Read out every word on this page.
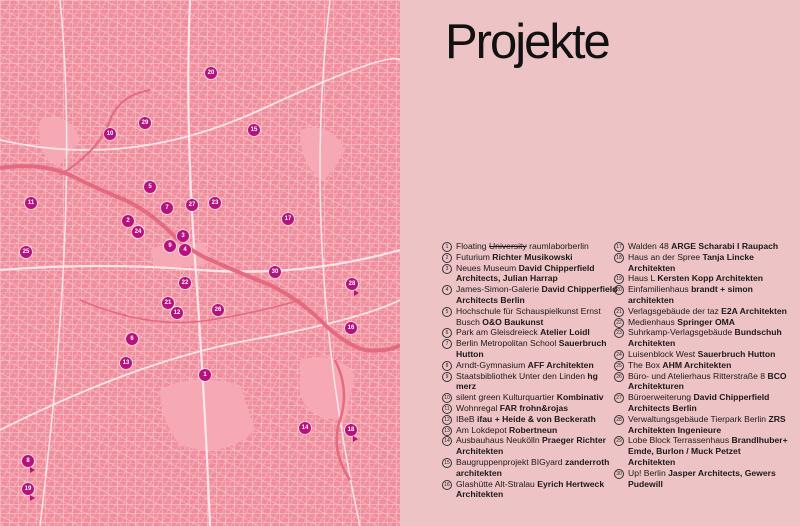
1
2
3
4
5
6
7
8
9
10
11
12
13
14
15
16
17
18
19
20
21
22
23
24
25
26
27
28
29
30
Projekte
1 Floating University raumlaborberlin
2 Futurium Richter Musikowski
3 Neues Museum David Chipperfield Architects, Julian Harrap
4 James-Simon-Galerie David Chipperfield Architects Berlin
5 Hochschule für Schauspielkunst Ernst Busch O&O Baukunst
6 Park am Gleisdreieck Atelier Loidl
7 Berlin Metropolitan School Sauerbruch Hutton
8 Arndt-Gymnasium AFF Architekten
9 Staatsbibliothek Unter den Linden hg merz
10 silent green Kulturquartier Kombinativ
11 Wohnregal FAR frohn&rojas
12 IBeB ifau + Heide & von Beckerath
13 Am Lokdepot Robertneun
14 Ausbauhaus Neukölln Praeger Richter Architekten
15 Baugruppenprojekt BIGyard zanderroth architekten
16 Glashütte Alt-Stralau Eyrich Hertweck Architekten
17 Walden 48 ARGE Scharabi I Raupach
18 Haus an der Spree Tanja Lincke Architekten
19 Haus L Kersten Kopp Architekten
20 Einfamilienhaus brandt + simon architekten
21 Verlagsgebäude der taz E2A Architekten
22 Medienhaus Springer OMA
23 Suhrkamp-Verlagsgebäude Bundschuh Architekten
24 Luisenblock West Sauerbruch Hutton
25 The Box AHM Architekten
26 Büro- und Atelierhaus Ritterstraße 8 BCO Architekturen
27 Büroerweiterung David Chipperfield Architects Berlin
28 Verwaltungsgebäude Tierpark Berlin ZRS Architekten Ingenieure
29 Lobe Block Terrassenhaus Brandlhuber+ Emde, Burlon / Muck Petzet Architekten
30 Up! Berlin Jasper Architects, Gewers Pudewill
